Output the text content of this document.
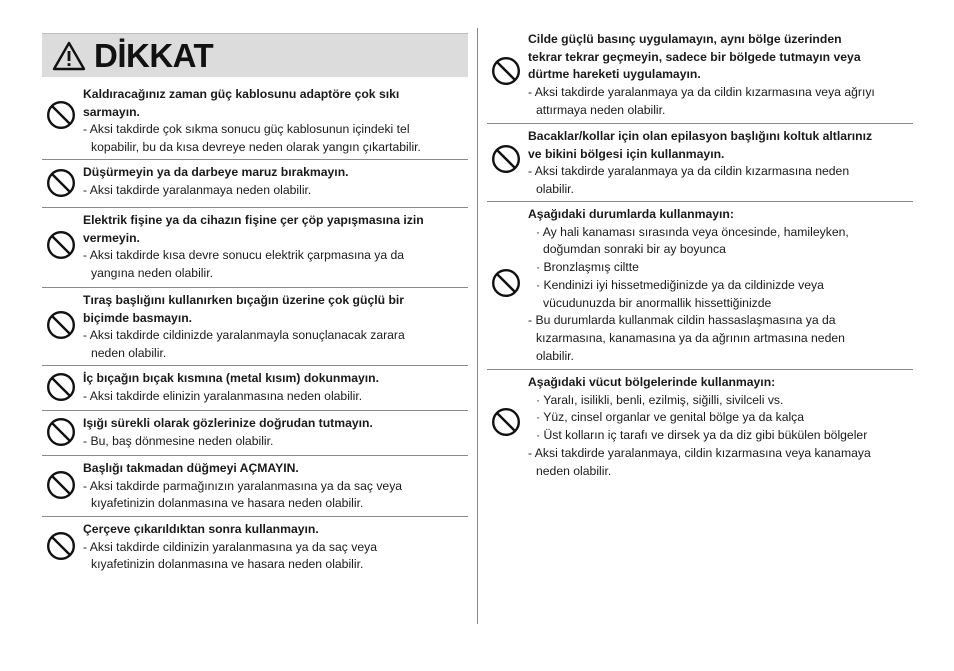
DİKKAT
Kaldıracağınız zaman güç kablosunu adaptöre çok sıkı
sarmayın.
- Aksi takdirde çok sıkma sonucu güç kablosunun içindeki tel
kopabilir, bu da kısa devreye neden olarak yangın çıkartabilir.
Düşürmeyin ya da darbeye maruz bırakmayın.
- Aksi takdirde yaralanmaya neden olabilir.
Elektrik fişine ya da cihazın fişine çer çöp yapışmasına izin
vermeyin.
- Aksi takdirde kısa devre sonucu elektrik çarpmasına ya da
yangına neden olabilir.
Tıraş başlığını kullanırken bıçağın üzerine çok güçlü bir
biçimde basmayın.
- Aksi takdirde cildinizde yaralanmayla sonuçlanacak zarara
neden olabilir.
İç bıçağın bıçak kısmına (metal kısım) dokunmayın.
- Aksi takdirde elinizin yaralanmasına neden olabilir.
Işığı sürekli olarak gözlerinize doğrudan tutmayın.
- Bu, baş dönmesine neden olabilir.
Başlığı takmadan düğmeyi AÇMAYIN.
- Aksi takdirde parmağınızın yaralanmasına ya da saç veya
kıyafetinizin dolanmasına ve hasara neden olabilir.
Çerçeve çıkarıldıktan sonra kullanmayın.
- Aksi takdirde cildinizin yaralanmasına ya da saç veya
kıyafetinizin dolanmasına ve hasara neden olabilir.
Cilde güçlü basınç uygulamayın, aynı bölge üzerinden
tekrar tekrar geçmeyin, sadece bir bölgede tutmayın veya
dürtme hareketi uygulamayın.
- Aksi takdirde yaralanmaya ya da cildin kızarmasına veya ağrıyı
attırmaya neden olabilir.
Bacaklar/kollar için olan epilasyon başlığını koltuk altlarınız
ve bikini bölgesi için kullanmayın.
- Aksi takdirde yaralanmaya ya da cildin kızarmasına neden
olabilir.
Aşağıdaki durumlarda kullanmayın:
· Ay hali kanaması sırasında veya öncesinde, hamileyken,
doğumdan sonraki bir ay boyunca
· Bronzlaşmış ciltte
· Kendinizi iyi hissetmediğinizde ya da cildinizde veya
vücudunuzda bir anormallik hissettiğinizde
- Bu durumlarda kullanmak cildin hassaslaşmasına ya da
kızarmasına, kanamasına ya da ağrının artmasına neden
olabilir.
Aşağıdaki vücut bölgelerinde kullanmayın:
· Yaralı, isilikli, benli, ezilmiş, siğilli, sivilceli vs.
· Yüz, cinsel organlar ve genital bölge ya da kalça
· Üst kolların iç tarafı ve dirsek ya da diz gibi bükülen bölgeler
- Aksi takdirde yaralanmaya, cildin kızarmasına veya kanamaya
neden olabilir.
